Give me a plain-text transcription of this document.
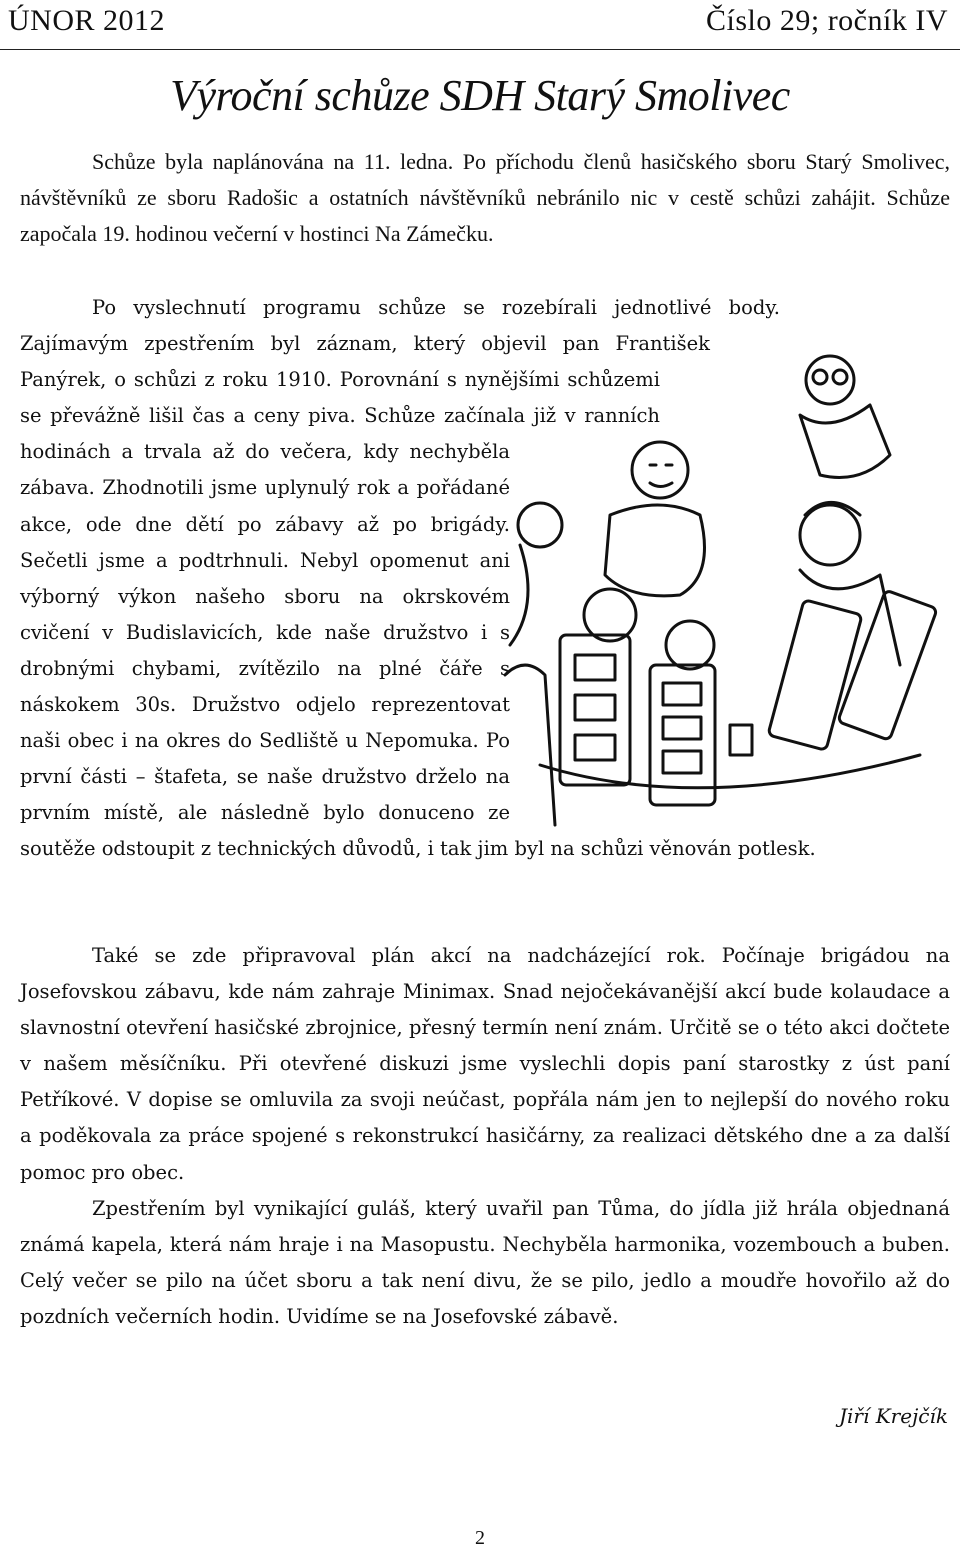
ÚNOR 2012	Číslo 29; ročník IV
Výroční schůze SDH Starý Smolivec

Schůze byla naplánována na 11. ledna. Po příchodu členů hasičského sboru Starý Smolivec, návštěvníků ze sboru Radošic a ostatních návštěvníků nebránilo nic v cestě schůzi zahájit. Schůze započala 19. hodinou večerní v hostinci Na Zámečku.

Po vyslechnutí programu schůze se rozebírali jednotlivé body. Zajímavým zpestřením byl záznam, který objevil pan František Panýrek, o schůzi z roku 1910. Porovnání s nynějšími schůzemi se převážně lišil čas a ceny piva. Schůze začínala již v ranních hodinách a trvala až do večera, kdy nechyběla zábava. Zhodnotili jsme uplynulý rok a pořádané akce, ode dne dětí po zábavy až po brigády. Sečetli jsme a podtrhnuli. Nebyl opomenut ani výborný výkon našeho sboru na okrskovém cvičení v Budislavicích, kde naše družstvo i s drobnými chybami, zvítězilo na plné čáře s náskokem 30s. Družstvo odjelo reprezentovat naši obec i na okres do Sedliště u Nepomuka. Po první části – štafeta, se naše družstvo drželo na prvním místě, ale následně bylo donuceno ze soutěže odstoupit z technických důvodů, i tak jim byl na schůzi věnován potlesk.

Také se zde připravoval plán akcí na nadcházející rok. Počínaje brigádou na Josefovskou zábavu, kde nám zahraje Minimax. Snad nejočekávanější akcí bude kolaudace a slavnostní otevření hasičské zbrojnice, přesný termín není znám. Určitě se o této akci dočtete v našem měsíčníku. Při otevřené diskuzi jsme vyslechli dopis paní starostky z úst paní Petříkové. V dopise se omluvila za svoji neúčast, popřála nám jen to nejlepší do nového roku a poděkovala za práce spojené s rekonstrukcí hasičárny, za realizaci dětského dne a za další pomoc pro obec.

Zpestřením byl vynikající guláš, který uvařil pan Tůma, do jídla již hrála objednaná známá kapela, která nám hraje i na Masopustu. Nechyběla harmonika, vozembouch a buben. Celý večer se pilo na účet sboru a tak není divu, že se pilo, jedlo a moudře hovořilo až do pozdních večerních hodin. Uvidíme se na Josefovské zábavě.

Jiří Krejčík
2
